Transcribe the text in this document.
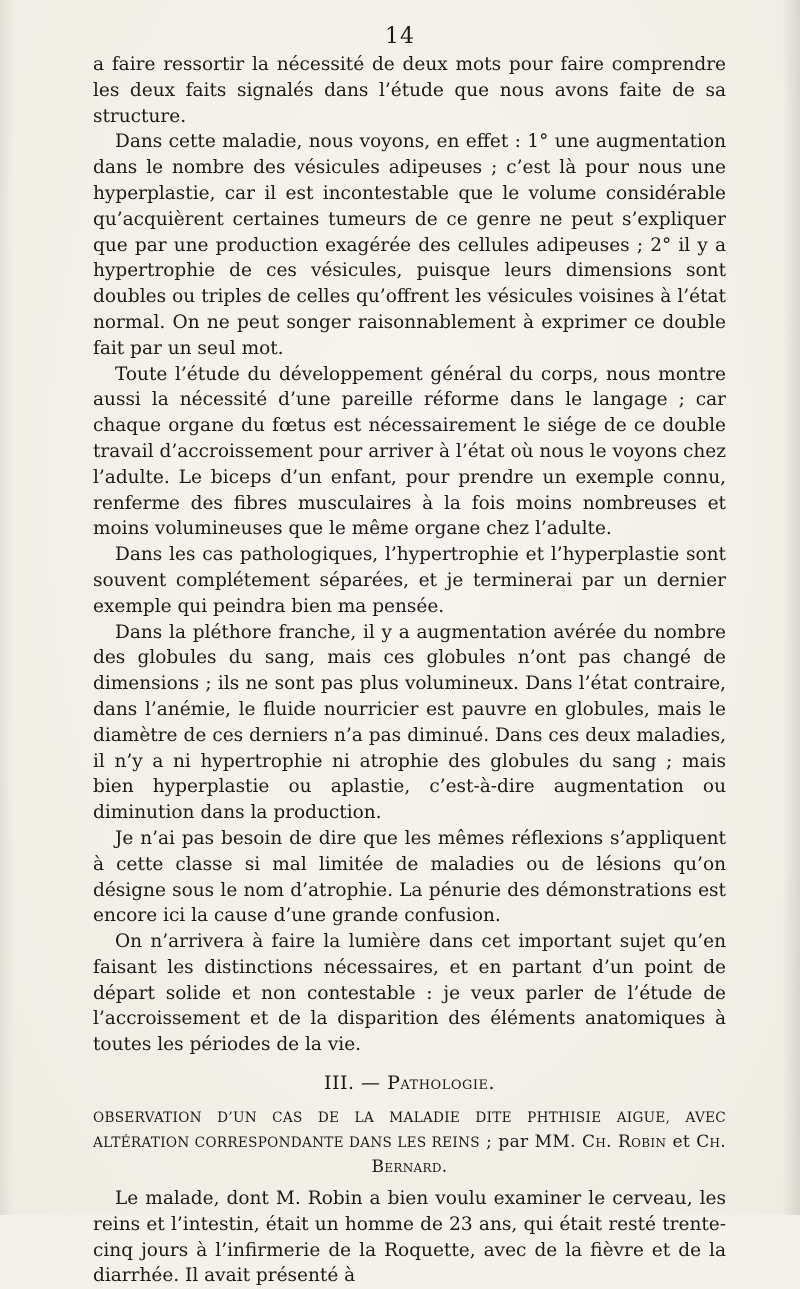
14

a faire ressortir la nécessité de deux mots pour faire comprendre les deux faits signalés dans l’étude que nous avons faite de sa structure.

Dans cette maladie, nous voyons, en effet : 1° une augmentation dans le nombre des vésicules adipeuses ; c’est là pour nous une hyperplastie, car il est incontestable que le volume considérable qu’acquièrent certaines tumeurs de ce genre ne peut s’expliquer que par une production exagérée des cellules adipeuses ; 2° il y a hypertrophie de ces vésicules, puisque leurs dimensions sont doubles ou triples de celles qu’offrent les vésicules voisines à l’état normal. On ne peut songer raisonnablement à exprimer ce double fait par un seul mot.

Toute l’étude du développement général du corps, nous montre aussi la nécessité d’une pareille réforme dans le langage ; car chaque organe du fœtus est nécessairement le siége de ce double travail d’accroissement pour arriver à l’état où nous le voyons chez l’adulte. Le biceps d’un enfant, pour prendre un exemple connu, renferme des fibres musculaires à la fois moins nombreuses et moins volumineuses que le même organe chez l’adulte.

Dans les cas pathologiques, l’hypertrophie et l’hyperplastie sont souvent complétement séparées, et je terminerai par un dernier exemple qui peindra bien ma pensée.

Dans la pléthore franche, il y a augmentation avérée du nombre des globules du sang, mais ces globules n’ont pas changé de dimensions ; ils ne sont pas plus volumineux. Dans l’état contraire, dans l’anémie, le fluide nourricier est pauvre en globules, mais le diamètre de ces derniers n’a pas diminué. Dans ces deux maladies, il n’y a ni hypertrophie ni atrophie des globules du sang ; mais bien hyperplastie ou aplastie, c’est-à-dire augmentation ou diminution dans la production.

Je n’ai pas besoin de dire que les mêmes réflexions s’appliquent à cette classe si mal limitée de maladies ou de lésions qu’on désigne sous le nom d’atrophie. La pénurie des démonstrations est encore ici la cause d’une grande confusion.

On n’arrivera à faire la lumière dans cet important sujet qu’en faisant les distinctions nécessaires, et en partant d’un point de départ solide et non contestable : je veux parler de l’étude de l’accroissement et de la disparition des éléments anatomiques à toutes les périodes de la vie.

III. — Pathologie.

OBSERVATION D’UN CAS DE LA MALADIE DITE PHTHISIE AIGUE, AVEC ALTÉRATION CORRESPONDANTE DANS LES REINS ; par MM. Ch. Robin et Ch. Bernard.

Le malade, dont M. Robin a bien voulu examiner le cerveau, les reins et l’intestin, était un homme de 23 ans, qui était resté trente-cinq jours à l’infirmerie de la Roquette, avec de la fièvre et de la diarrhée. Il avait présenté à
